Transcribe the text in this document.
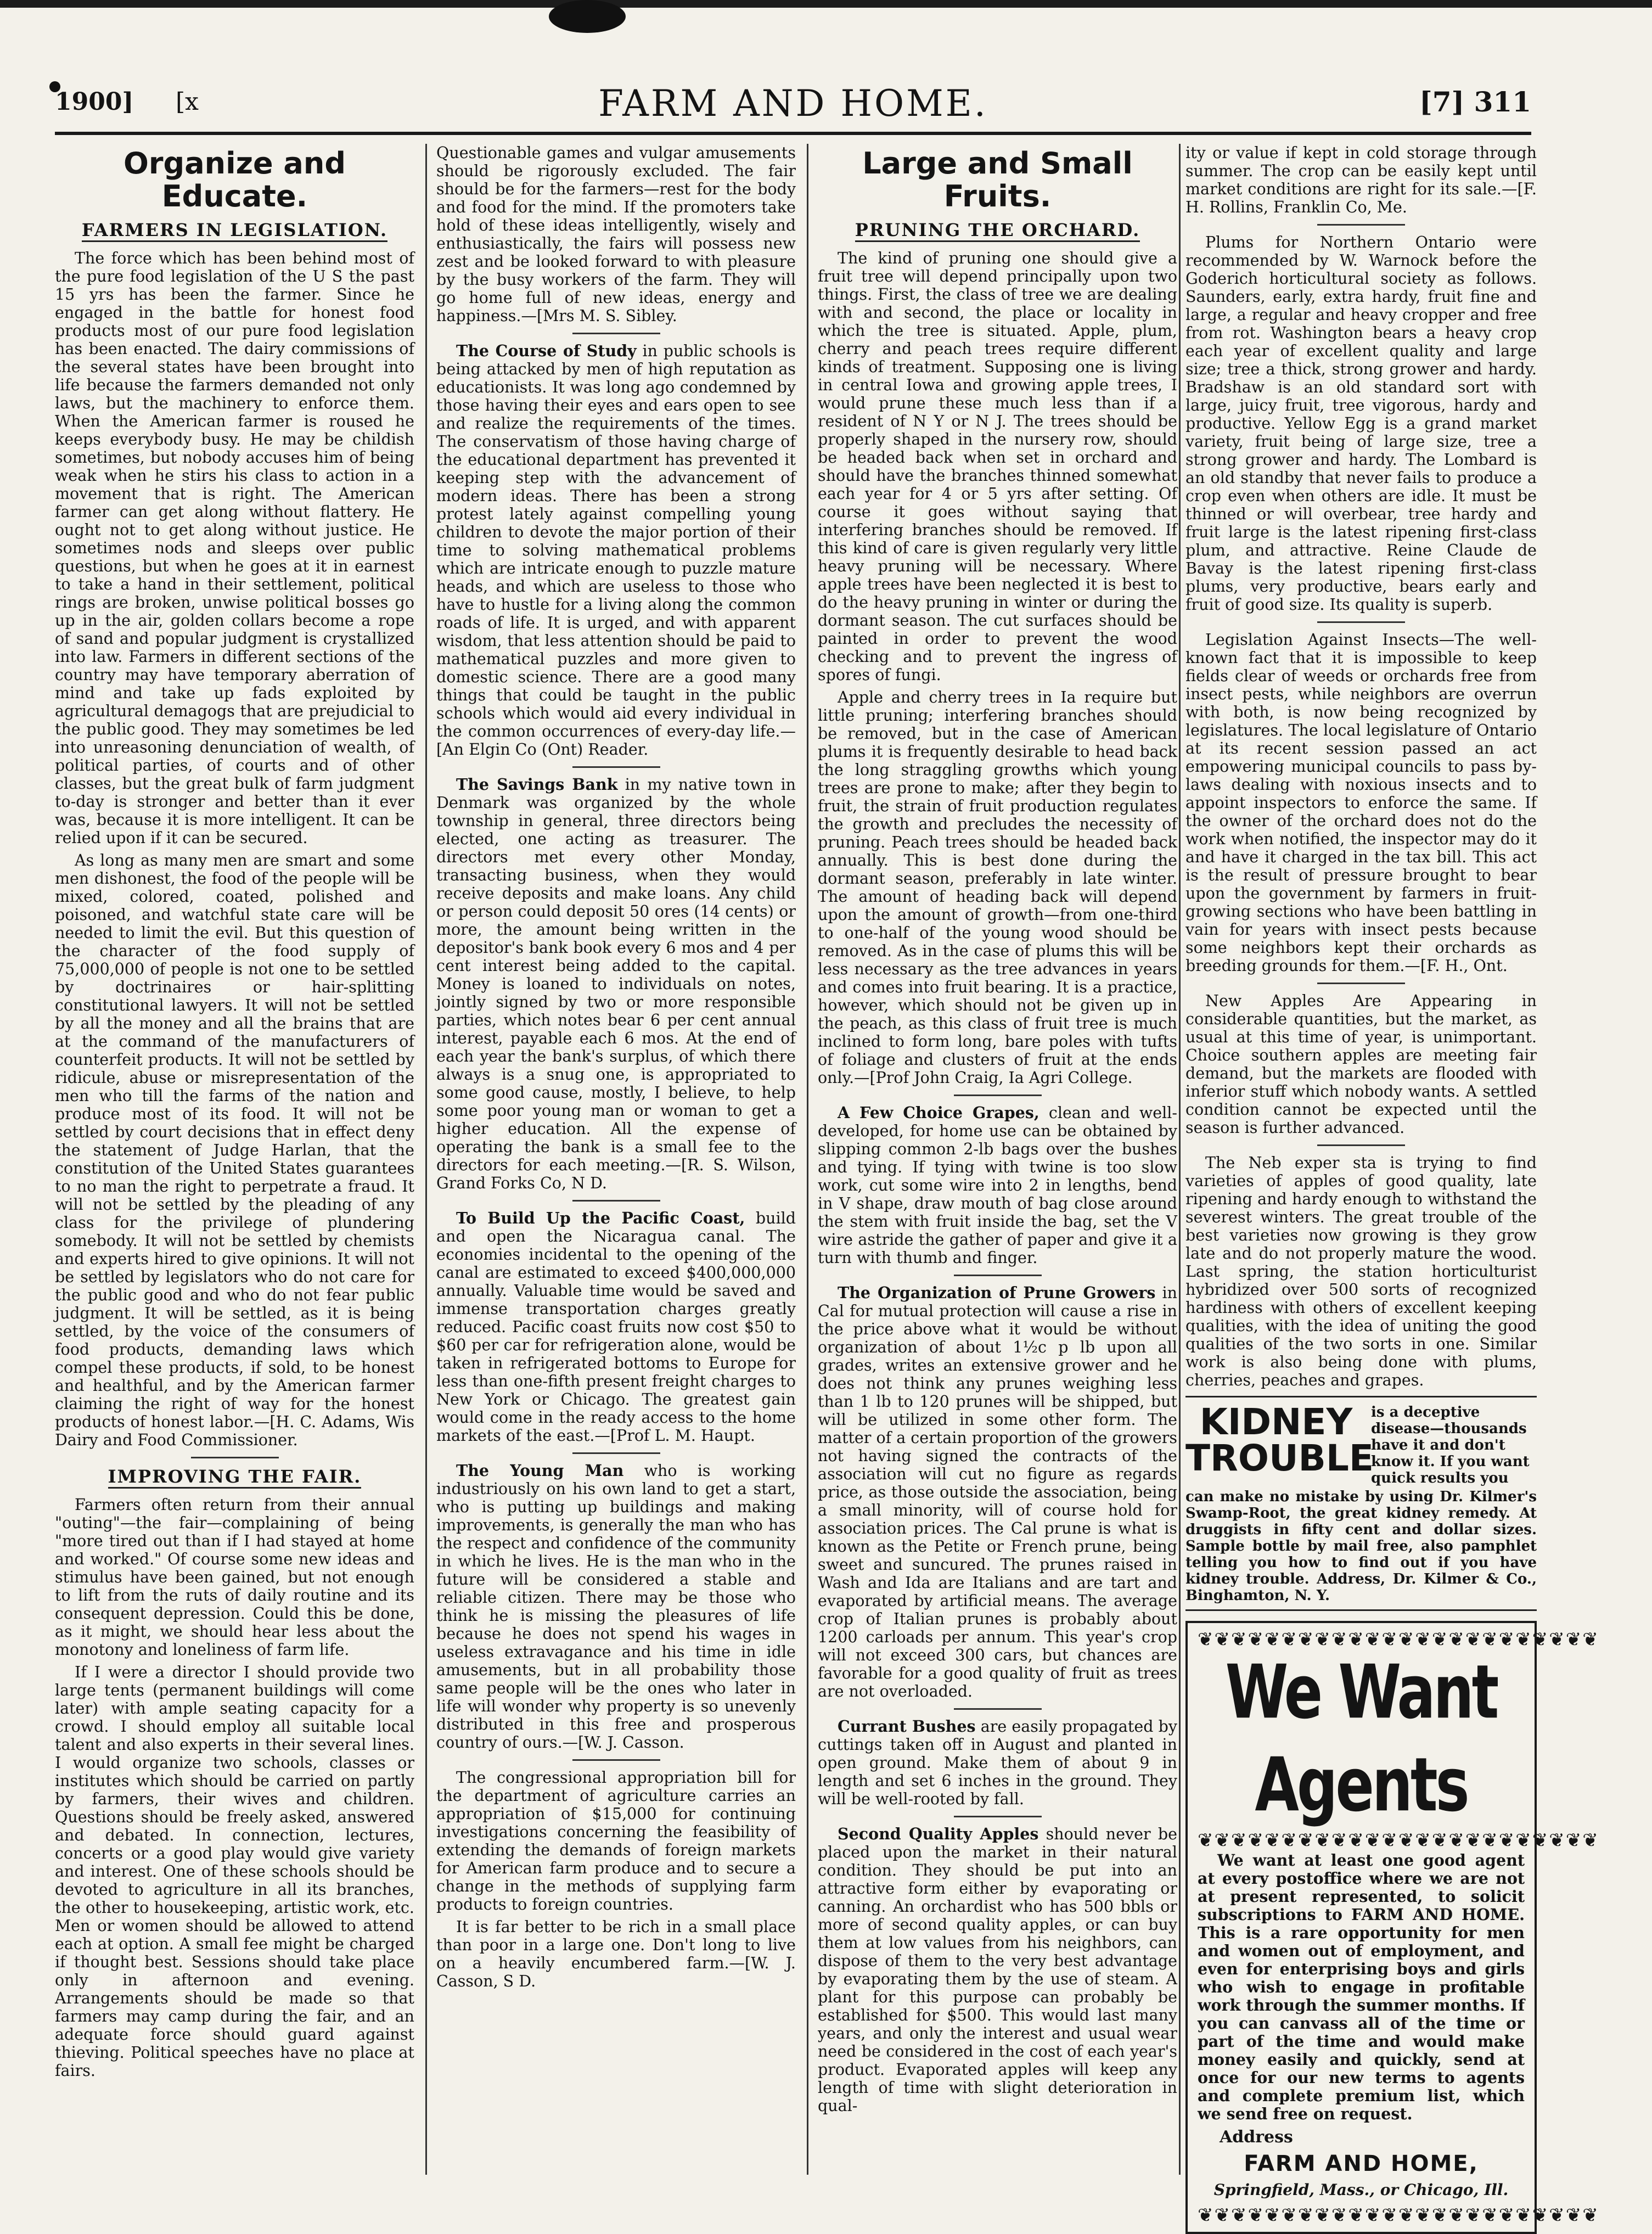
1900] [x	FARM AND HOME.	[7] 311
Organize and Educate.
FARMERS IN LEGISLATION.

The force which has been behind most of the pure food legislation of the U S the past 15 yrs has been the farmer. Since he engaged in the battle for honest food products most of our pure food legislation has been enacted. The dairy commissions of the several states have been brought into life because the farmers demanded not only laws, but the machinery to enforce them. When the American farmer is roused he keeps everybody busy. He may be childish sometimes, but nobody accuses him of being weak when he stirs his class to action in a movement that is right. The American farmer can get along without flattery. He ought not to get along without justice. He sometimes nods and sleeps over public questions, but when he goes at it in earnest to take a hand in their settlement, political rings are broken, unwise political bosses go up in the air, golden collars become a rope of sand and popular judgment is crystallized into law. Farmers in different sections of the country may have temporary aberration of mind and take up fads exploited by agricultural demagogs that are prejudicial to the public good. They may sometimes be led into unreasoning denunciation of wealth, of political parties, of courts and of other classes, but the great bulk of farm judgment to-day is stronger and better than it ever was, because it is more intelligent. It can be relied upon if it can be secured.

As long as many men are smart and some men dishonest, the food of the people will be mixed, colored, coated, polished and poisoned, and watchful state care will be needed to limit the evil. But this question of the character of the food supply of 75,000,000 of people is not one to be settled by doctrinaires or hair-splitting constitutional lawyers. It will not be settled by all the money and all the brains that are at the command of the manufacturers of counterfeit products. It will not be settled by ridicule, abuse or misrepresentation of the men who till the farms of the nation and produce most of its food. It will not be settled by court decisions that in effect deny the statement of Judge Harlan, that the constitution of the United States guarantees to no man the right to perpetrate a fraud. It will not be settled by the pleading of any class for the privilege of plundering somebody. It will not be settled by chemists and experts hired to give opinions. It will not be settled by legislators who do not care for the public good and who do not fear public judgment. It will be settled, as it is being settled, by the voice of the consumers of food products, demanding laws which compel these products, if sold, to be honest and healthful, and by the American farmer claiming the right of way for the honest products of honest labor.—[H. C. Adams, Wis Dairy and Food Commissioner.

IMPROVING THE FAIR.

Farmers often return from their annual "outing"—the fair—complaining of being "more tired out than if I had stayed at home and worked." Of course some new ideas and stimulus have been gained, but not enough to lift from the ruts of daily routine and its consequent depression. Could this be done, as it might, we should hear less about the monotony and loneliness of farm life.

If I were a director I should provide two large tents (permanent buildings will come later) with ample seating capacity for a crowd. I should employ all suitable local talent and also experts in their several lines. I would organize two schools, classes or institutes which should be carried on partly by farmers, their wives and children. Questions should be freely asked, answered and debated. In connection, lectures, concerts or a good play would give variety and interest. One of these schools should be devoted to agriculture in all its branches, the other to housekeeping, artistic work, etc. Men or women should be allowed to attend each at option. A small fee might be charged if thought best. Sessions should take place only in afternoon and evening. Arrangements should be made so that farmers may camp during the fair, and an adequate force should guard against thieving. Political speeches have no place at fairs.

Questionable games and vulgar amusements should be rigorously excluded. The fair should be for the farmers—rest for the body and food for the mind. If the promoters take hold of these ideas intelligently, wisely and enthusiastically, the fairs will possess new zest and be looked forward to with pleasure by the busy workers of the farm. They will go home full of new ideas, energy and happiness.—[Mrs M. S. Sibley.

The Course of Study in public schools is being attacked by men of high reputation as educationists. It was long ago condemned by those having their eyes and ears open to see and realize the requirements of the times. The conservatism of those having charge of the educational department has prevented it keeping step with the advancement of modern ideas. There has been a strong protest lately against compelling young children to devote the major portion of their time to solving mathematical problems which are intricate enough to puzzle mature heads, and which are useless to those who have to hustle for a living along the common roads of life. It is urged, and with apparent wisdom, that less attention should be paid to mathematical puzzles and more given to domestic science. There are a good many things that could be taught in the public schools which would aid every individual in the common occurrences of every-day life.—[An Elgin Co (Ont) Reader.

The Savings Bank in my native town in Denmark was organized by the whole township in general, three directors being elected, one acting as treasurer. The directors met every other Monday, transacting business, when they would receive deposits and make loans. Any child or person could deposit 50 ores (14 cents) or more, the amount being written in the depositor's bank book every 6 mos and 4 per cent interest being added to the capital. Money is loaned to individuals on notes, jointly signed by two or more responsible parties, which notes bear 6 per cent annual interest, payable each 6 mos. At the end of each year the bank's surplus, of which there always is a snug one, is appropriated to some good cause, mostly, I believe, to help some poor young man or woman to get a higher education. All the expense of operating the bank is a small fee to the directors for each meeting.—[R. S. Wilson, Grand Forks Co, N D.

To Build Up the Pacific Coast, build and open the Nicaragua canal. The economies incidental to the opening of the canal are estimated to exceed $400,000,000 annually. Valuable time would be saved and immense transportation charges greatly reduced. Pacific coast fruits now cost $50 to $60 per car for refrigeration alone, would be taken in refrigerated bottoms to Europe for less than one-fifth present freight charges to New York or Chicago. The greatest gain would come in the ready access to the home markets of the east.—[Prof L. M. Haupt.

The Young Man who is working industriously on his own land to get a start, who is putting up buildings and making improvements, is generally the man who has the respect and confidence of the community in which he lives. He is the man who in the future will be considered a stable and reliable citizen. There may be those who think he is missing the pleasures of life because he does not spend his wages in useless extravagance and his time in idle amusements, but in all probability those same people will be the ones who later in life will wonder why property is so unevenly distributed in this free and prosperous country of ours.—[W. J. Casson.

The congressional appropriation bill for the department of agriculture carries an appropriation of $15,000 for continuing investigations concerning the feasibility of extending the demands of foreign markets for American farm produce and to secure a change in the methods of supplying farm products to foreign countries.

It is far better to be rich in a small place than poor in a large one. Don't long to live on a heavily encumbered farm.—[W. J. Casson, S D.

Large and Small Fruits.
PRUNING THE ORCHARD.

The kind of pruning one should give a fruit tree will depend principally upon two things. First, the class of tree we are dealing with and second, the place or locality in which the tree is situated. Apple, plum, cherry and peach trees require different kinds of treatment. Supposing one is living in central Iowa and growing apple trees, I would prune these much less than if a resident of N Y or N J. The trees should be properly shaped in the nursery row, should be headed back when set in orchard and should have the branches thinned somewhat each year for 4 or 5 yrs after setting. Of course it goes without saying that interfering branches should be removed. If this kind of care is given regularly very little heavy pruning will be necessary. Where apple trees have been neglected it is best to do the heavy pruning in winter or during the dormant season. The cut surfaces should be painted in order to prevent the wood checking and to prevent the ingress of spores of fungi.

Apple and cherry trees in Ia require but little pruning; interfering branches should be removed, but in the case of American plums it is frequently desirable to head back the long straggling growths which young trees are prone to make; after they begin to fruit, the strain of fruit production regulates the growth and precludes the necessity of pruning. Peach trees should be headed back annually. This is best done during the dormant season, preferably in late winter. The amount of heading back will depend upon the amount of growth—from one-third to one-half of the young wood should be removed. As in the case of plums this will be less necessary as the tree advances in years and comes into fruit bearing. It is a practice, however, which should not be given up in the peach, as this class of fruit tree is much inclined to form long, bare poles with tufts of foliage and clusters of fruit at the ends only.—[Prof John Craig, Ia Agri College.

A Few Choice Grapes, clean and well-developed, for home use can be obtained by slipping common 2-lb bags over the bushes and tying. If tying with twine is too slow work, cut some wire into 2 in lengths, bend in V shape, draw mouth of bag close around the stem with fruit inside the bag, set the V wire astride the gather of paper and give it a turn with thumb and finger.

The Organization of Prune Growers in Cal for mutual protection will cause a rise in the price above what it would be without organization of about 1½c p lb upon all grades, writes an extensive grower and he does not think any prunes weighing less than 1 lb to 120 prunes will be shipped, but will be utilized in some other form. The matter of a certain proportion of the growers not having signed the contracts of the association will cut no figure as regards price, as those outside the association, being a small minority, will of course hold for association prices. The Cal prune is what is known as the Petite or French prune, being sweet and suncured. The prunes raised in Wash and Ida are Italians and are tart and evaporated by artificial means. The average crop of Italian prunes is probably about 1200 carloads per annum. This year's crop will not exceed 300 cars, but chances are favorable for a good quality of fruit as trees are not overloaded.

Currant Bushes are easily propagated by cuttings taken off in August and planted in open ground. Make them of about 9 in length and set 6 inches in the ground. They will be well-rooted by fall.

Second Quality Apples should never be placed upon the market in their natural condition. They should be put into an attractive form either by evaporating or canning. An orchardist who has 500 bbls or more of second quality apples, or can buy them at low values from his neighbors, can dispose of them to the very best advantage by evaporating them by the use of steam. A plant for this purpose can probably be established for $500. This would last many years, and only the interest and usual wear need be considered in the cost of each year's product. Evaporated apples will keep any length of time with slight deterioration in qual-

ity or value if kept in cold storage through summer. The crop can be easily kept until market conditions are right for its sale.—[F. H. Rollins, Franklin Co, Me.

Plums for Northern Ontario were recommended by W. Warnock before the Goderich horticultural society as follows. Saunders, early, extra hardy, fruit fine and large, a regular and heavy cropper and free from rot. Washington bears a heavy crop each year of excellent quality and large size; tree a thick, strong grower and hardy. Bradshaw is an old standard sort with large, juicy fruit, tree vigorous, hardy and productive. Yellow Egg is a grand market variety, fruit being of large size, tree a strong grower and hardy. The Lombard is an old standby that never fails to produce a crop even when others are idle. It must be thinned or will overbear, tree hardy and fruit large is the latest ripening first-class plum, and attractive. Reine Claude de Bavay is the latest ripening first-class plums, very productive, bears early and fruit of good size. Its quality is superb.

Legislation Against Insects—The well-known fact that it is impossible to keep fields clear of weeds or orchards free from insect pests, while neighbors are overrun with both, is now being recognized by legislatures. The local legislature of Ontario at its recent session passed an act empowering municipal councils to pass by-laws dealing with noxious insects and to appoint inspectors to enforce the same. If the owner of the orchard does not do the work when notified, the inspector may do it and have it charged in the tax bill. This act is the result of pressure brought to bear upon the government by farmers in fruit-growing sections who have been battling in vain for years with insect pests because some neighbors kept their orchards as breeding grounds for them.—[F. H., Ont.

New Apples Are Appearing in considerable quantities, but the market, as usual at this time of year, is unimportant. Choice southern apples are meeting fair demand, but the markets are flooded with inferior stuff which nobody wants. A settled condition cannot be expected until the season is further advanced.

The Neb exper sta is trying to find varieties of apples of good quality, late ripening and hardy enough to withstand the severest winters. The great trouble of the best varieties now growing is they grow late and do not properly mature the wood. Last spring, the station horticulturist hybridized over 500 sorts of recognized hardiness with others of excellent keeping qualities, with the idea of uniting the good qualities of the two sorts in one. Similar work is also being done with plums, cherries, peaches and grapes.

KIDNEY
TROUBLE
is a deceptive disease—thousands have it and don't know it. If you want quick results you
can make no mistake by using Dr. Kilmer's Swamp-Root, the great kidney remedy. At druggists in fifty cent and dollar sizes. Sample bottle by mail free, also pamphlet telling you how to find out if you have kidney trouble. Address, Dr. Kilmer & Co., Binghamton, N. Y.
❦❦❦❦❦❦❦❦❦❦❦❦❦❦❦❦❦❦❦❦❦❦❦❦
We Want Agents
❦❦❦❦❦❦❦❦❦❦❦❦❦❦❦❦❦❦❦❦❦❦❦❦

We want at least one good agent at every postoffice where we are not at present represented, to solicit subscriptions to FARM AND HOME. This is a rare opportunity for men and women out of employment, and even for enterprising boys and girls who wish to engage in profitable work through the summer months. If you can canvass all of the time or part of the time and would make money easily and quickly, send at once for our new terms to agents and complete premium list, which we send free on request.

Address
FARM AND HOME,
Springfield, Mass., or Chicago, Ill.
❦❦❦❦❦❦❦❦❦❦❦❦❦❦❦❦❦❦❦❦❦❦❦❦
